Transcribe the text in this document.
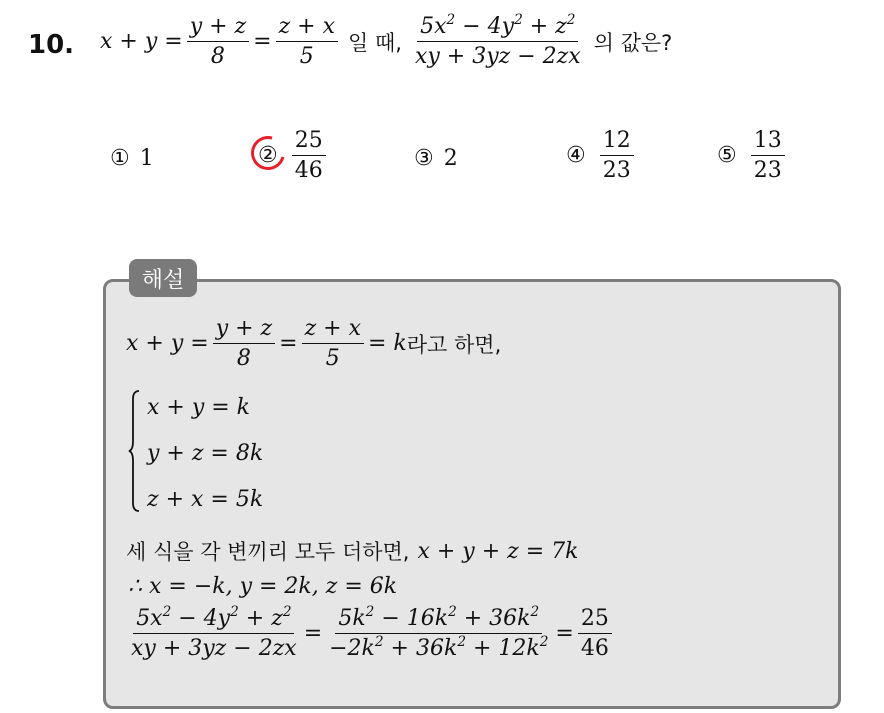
10. $x + y = \frac{y + z}{8} = \frac{z + x}{5}$ 일 때, $\frac{5x^2 - 4y^2 + z^2}{xy + 3yz - 2zx}$ 의 값은?
① 1	② $\frac{25}{46}$	③ 2	④ $\frac{12}{23}$	⑤ $\frac{13}{23}$
해설
$x + y = \frac{y + z}{8} = \frac{z + x}{5} = k$ 라고 하면,
x + y = k
y + z = 8k
z + x = 5k
세 식을 각 변끼리 모두 더하면, x + y + z = 7k
∴ x = −k, y = 2k, z = 6k
$\frac{5x^2 - 4y^2 + z^2}{xy + 3yz - 2zx} = \frac{5k^2 - 16k^2 + 36k^2}{-2k^2 + 36k^2 + 12k^2} = \frac{25}{46}$
